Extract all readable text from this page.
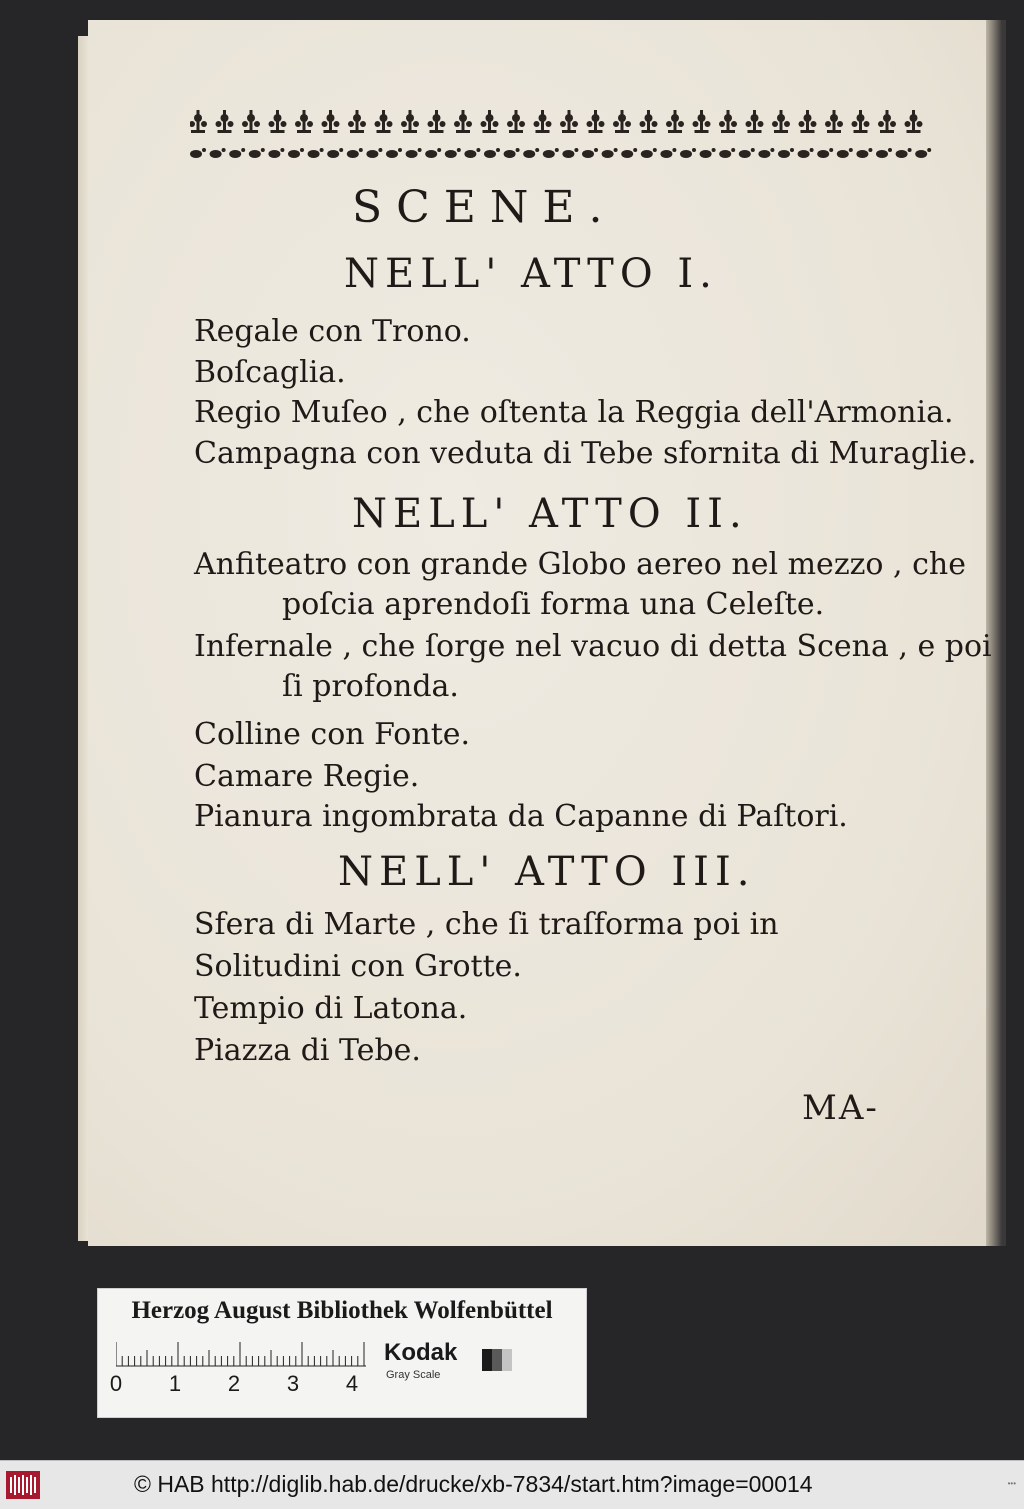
SCENE.
NELL' ATTO I.
Regale con Trono.
Boſcaglia.
Regio Muſeo , che oſtenta la Reggia dell'Armonia.
Campagna con veduta di Tebe sfornita di Muraglie.
NELL' ATTO II.
Anfiteatro con grande Globo aereo nel mezzo , che
poſcia aprendoſi forma una Celeſte.
Infernale , che ſorge nel vacuo di detta Scena , e poi
ſi profonda.
Colline con Fonte.
Camare Regie.
Pianura ingombrata da Capanne di Paſtori.
NELL' ATTO III.
Sfera di Marte , che ſi traſforma poi in
Solitudini con Grotte.
Tempio di Latona.
Piazza di Tebe.
MA-
Herzog August Bibliothek Wolfenbüttel
0 1 2 3 4
Kodak
Gray Scale
© HAB http://diglib.hab.de/drucke/xb-7834/start.htm?image=00014	•••
